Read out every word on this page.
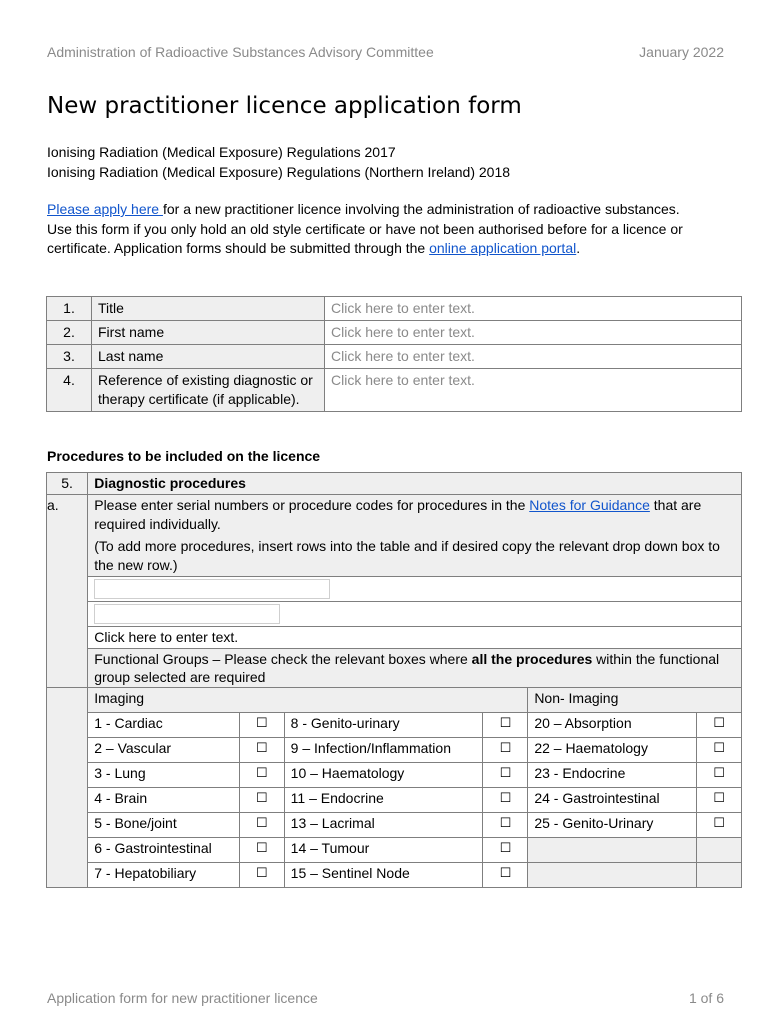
Administration of Radioactive Substances Advisory Committee	January 2022
New practitioner licence application form
Ionising Radiation (Medical Exposure) Regulations 2017
Ionising Radiation (Medical Exposure) Regulations (Northern Ireland) 2018
Please apply here for a new practitioner licence involving the administration of radioactive substances. Use this form if you only hold an old style certificate or have not been authorised before for a licence or certificate. Application forms should be submitted through the online application portal.
1.	Title	Click here to enter text.
2.	First name	Click here to enter text.
3.	Last name	Click here to enter text.
4.	Reference of existing diagnostic or therapy certificate (if applicable).	Click here to enter text.
Procedures to be included on the licence
5.	Diagnostic procedures					
a.	Please enter serial numbers or procedure codes for procedures in the Notes for Guidance that are required individually.
(To add more procedures, insert rows into the table and if desired copy the relevant drop down box to the new row.)					

	Click here to enter text.					
	Functional Groups – Please check the relevant boxes where all the procedures within the functional group selected are required					
	Imaging				Non- Imaging	
	1 - Cardiac	☐	8 - Genito-urinary	☐	20 – Absorption	☐
	2 – Vascular	☐	9 – Infection/Inflammation	☐	22 – Haematology	☐
	3 - Lung	☐	10 – Haematology	☐	23 - Endocrine	☐
	4 - Brain	☐	11 – Endocrine	☐	24 - Gastrointestinal	☐
	5 - Bone/joint	☐	13 – Lacrimal	☐	25 - Genito-Urinary	☐
	6 - Gastrointestinal	☐	14 – Tumour	☐		
	7 - Hepatobiliary	☐	15 – Sentinel Node	☐		
Application form for new practitioner licence	1 of 6
